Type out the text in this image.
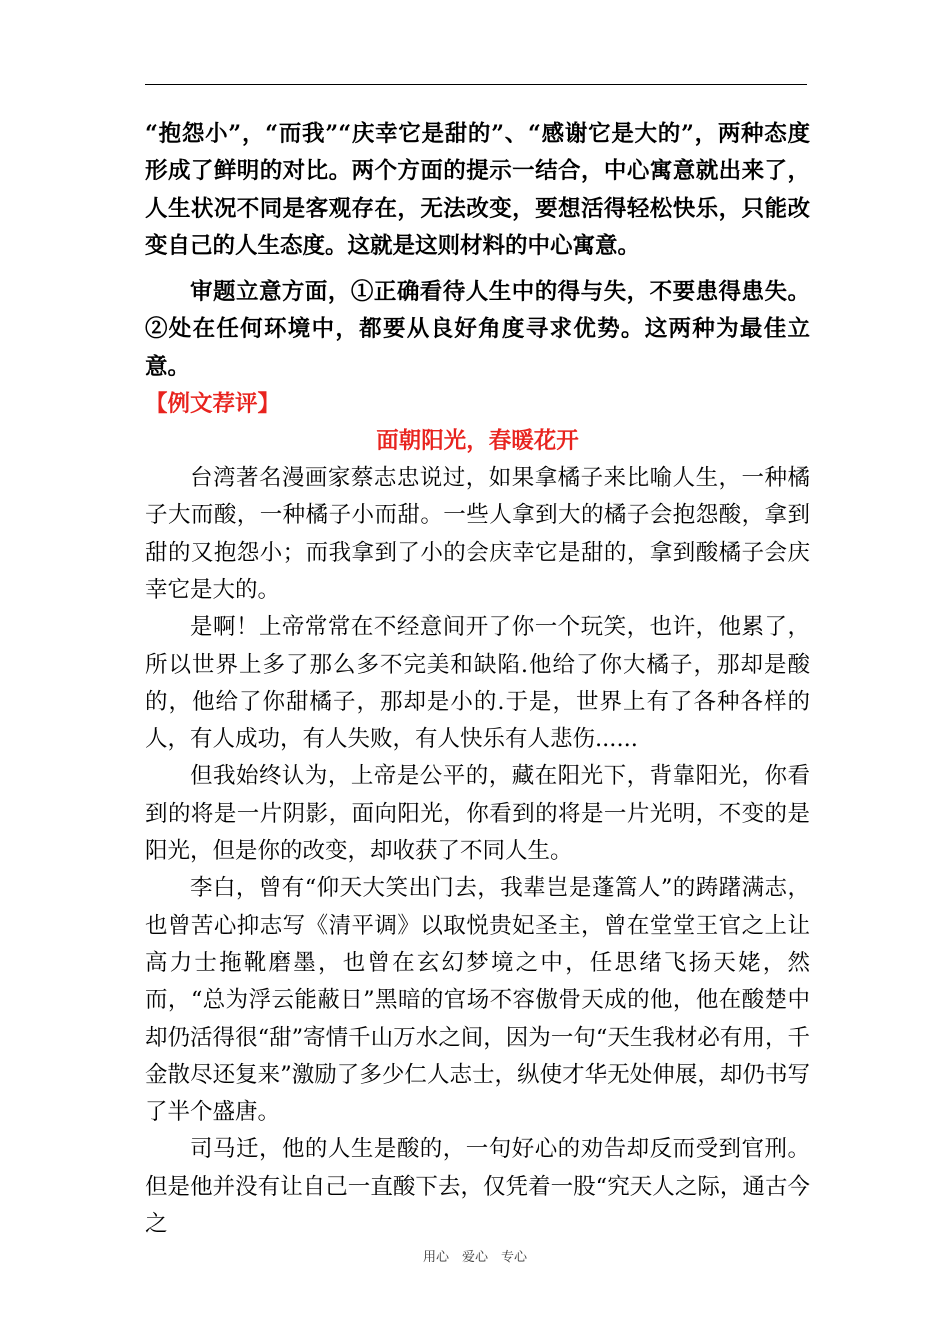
“抱怨小”，“而我”“庆幸它是甜的”、“感谢它是大的”，两种态度形成了鲜明的对比。两个方面的提示一结合，中心寓意就出来了，人生状况不同是客观存在，无法改变，要想活得轻松快乐，只能改变自己的人生态度。这就是这则材料的中心寓意。

审题立意方面，①正确看待人生中的得与失，不要患得患失。②处在任何环境中，都要从良好角度寻求优势。这两种为最佳立意。

【例文荐评】

面朝阳光，春暖花开

台湾著名漫画家蔡志忠说过，如果拿橘子来比喻人生，一种橘子大而酸，一种橘子小而甜。一些人拿到大的橘子会抱怨酸，拿到甜的又抱怨小；而我拿到了小的会庆幸它是甜的，拿到酸橘子会庆幸它是大的。

是啊！上帝常常在不经意间开了你一个玩笑，也许，他累了，所以世界上多了那么多不完美和缺陷.他给了你大橘子，那却是酸的，他给了你甜橘子，那却是小的.于是，世界上有了各种各样的人，有人成功，有人失败，有人快乐有人悲伤......

但我始终认为，上帝是公平的，藏在阳光下，背靠阳光，你看到的将是一片阴影，面向阳光，你看到的将是一片光明，不变的是阳光，但是你的改变，却收获了不同人生。

李白，曾有“仰天大笑出门去，我辈岂是蓬篙人”的踌躇满志，也曾苦心抑志写《清平调》以取悦贵妃圣主，曾在堂堂王官之上让高力士拖靴磨墨，也曾在玄幻梦境之中，任思绪飞扬天姥，然而，“总为浮云能蔽日”黑暗的官场不容傲骨天成的他，他在酸楚中却仍活得很“甜”寄情千山万水之间，因为一句“天生我材必有用，千金散尽还复来”激励了多少仁人志士，纵使才华无处伸展，却仍书写了半个盛唐。

司马迁，他的人生是酸的，一句好心的劝告却反而受到官刑。但是他并没有让自己一直酸下去，仅凭着一股“究天人之际，通古今之

用心　爱心　专心
